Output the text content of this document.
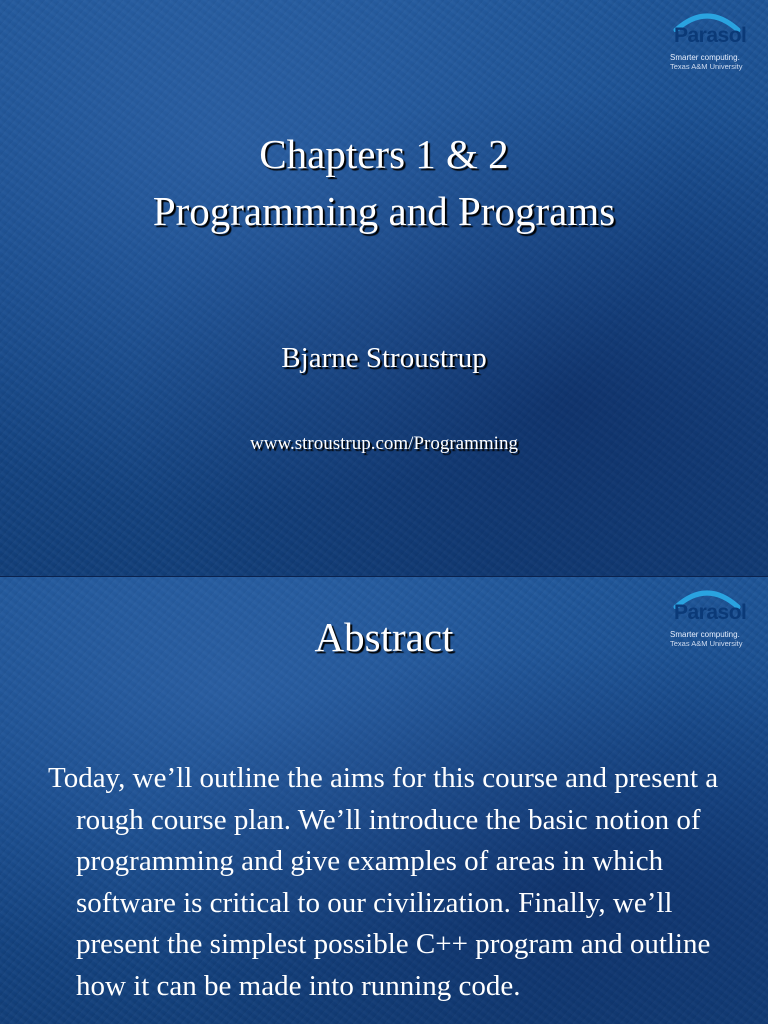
Parasol
Smarter computing.
Texas A&M University
Chapters 1 & 2
Programming and Programs
Bjarne Stroustrup
www.stroustrup.com/Programming
Parasol
Smarter computing.
Texas A&M University
Abstract

Today, we’ll outline the aims for this course and present a rough course plan. We’ll introduce the basic notion of programming and give examples of areas in which software is critical to our civilization. Finally, we’ll present the simplest possible C++ program and outline how it can be made into running code.
